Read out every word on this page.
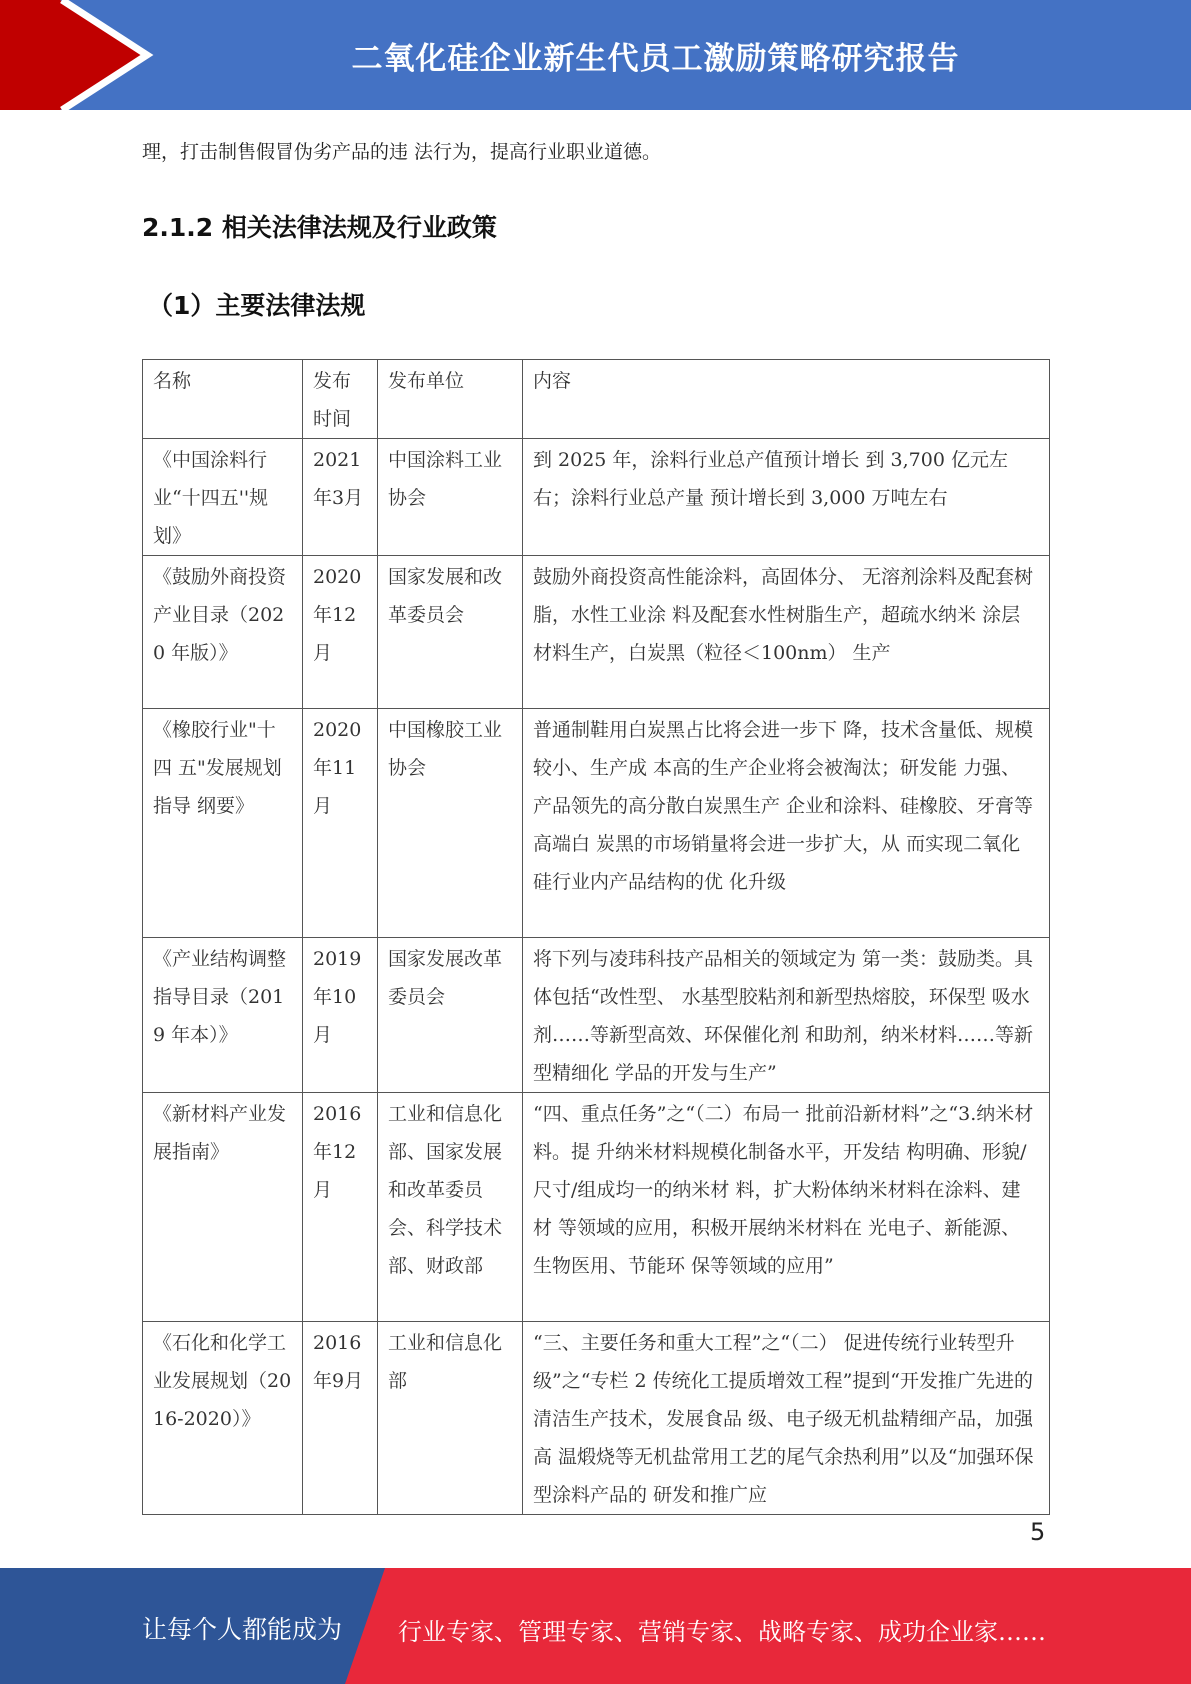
二氧化硅企业新生代员工激励策略研究报告
理，打击制售假冒伪劣产品的违 法行为，提高行业职业道德。
2.1.2 相关法律法规及行业政策
（1）主要法律法规
名称	发布时间	发布单位	内容
《中国涂料行业“十四五''规划》	2021年3月	中国涂料工业 协会	到 2025 年，涂料行业总产值预计增长 到 3,700 亿元左右；涂料行业总产量 预计增长到 3,000 万吨左右
《鼓励外商投资 产业目录（2020 年版）》	2020年12月	国家发展和改 革委员会	鼓励外商投资高性能涂料，高固体分、 无溶剂涂料及配套树脂，水性工业涂 料及配套水性树脂生产，超疏水纳米 涂层材料生产，白炭黑（粒径＜100nm） 生产
《橡胶行业"十四 五"发展规划指导 纲要》	2020年11月	中国橡胶工业 协会	普通制鞋用白炭黑占比将会进一步下 降，技术含量低、规模较小、生产成 本高的生产企业将会被淘汰；研发能 力强、产品领先的高分散白炭黑生产 企业和涂料、硅橡胶、牙膏等高端白 炭黑的市场销量将会进一步扩大，从 而实现二氧化硅行业内产品结构的优 化升级
《产业结构调整 指导目录（2019 年本）》	2019年10月	国家发展改革 委员会	将下列与凌玮科技产品相关的领域定为 第一类：鼓励类。具体包括“改性型、 水基型胶粘剂和新型热熔胶，环保型 吸水剂……等新型高效、环保催化剂 和助剂，纳米材料……等新型精细化 学品的开发与生产”
《新材料产业发 展指南》	2016年12月	工业和信息化 部、国家发展 和改革委员 会、科学技术 部、财政部	“四、重点任务”之“（二）布局一 批前沿新材料”之“3.纳米材料。提 升纳米材料规模化制备水平，开发结 构明确、形貌/尺寸/组成均一的纳米材 料，扩大粉体纳米材料在涂料、建材 等领域的应用，积极开展纳米材料在 光电子、新能源、生物医用、节能环 保等领域的应用”
《石化和化学工 业发展规划（2016-2020）》	2016年9月	工业和信息化 部	“三、主要任务和重大工程”之“（二） 促进传统行业转型升级”之“专栏 2 传统化工提质增效工程”提到“开发推广先进的清洁生产技术，发展食品 级、电子级无机盐精细产品，加强高 温煅烧等无机盐常用工艺的尾气余热利用”以及“加强环保型涂料产品的 研发和推广应
5
让每个人都能成为 行业专家、管理专家、营销专家、战略专家、成功企业家……
